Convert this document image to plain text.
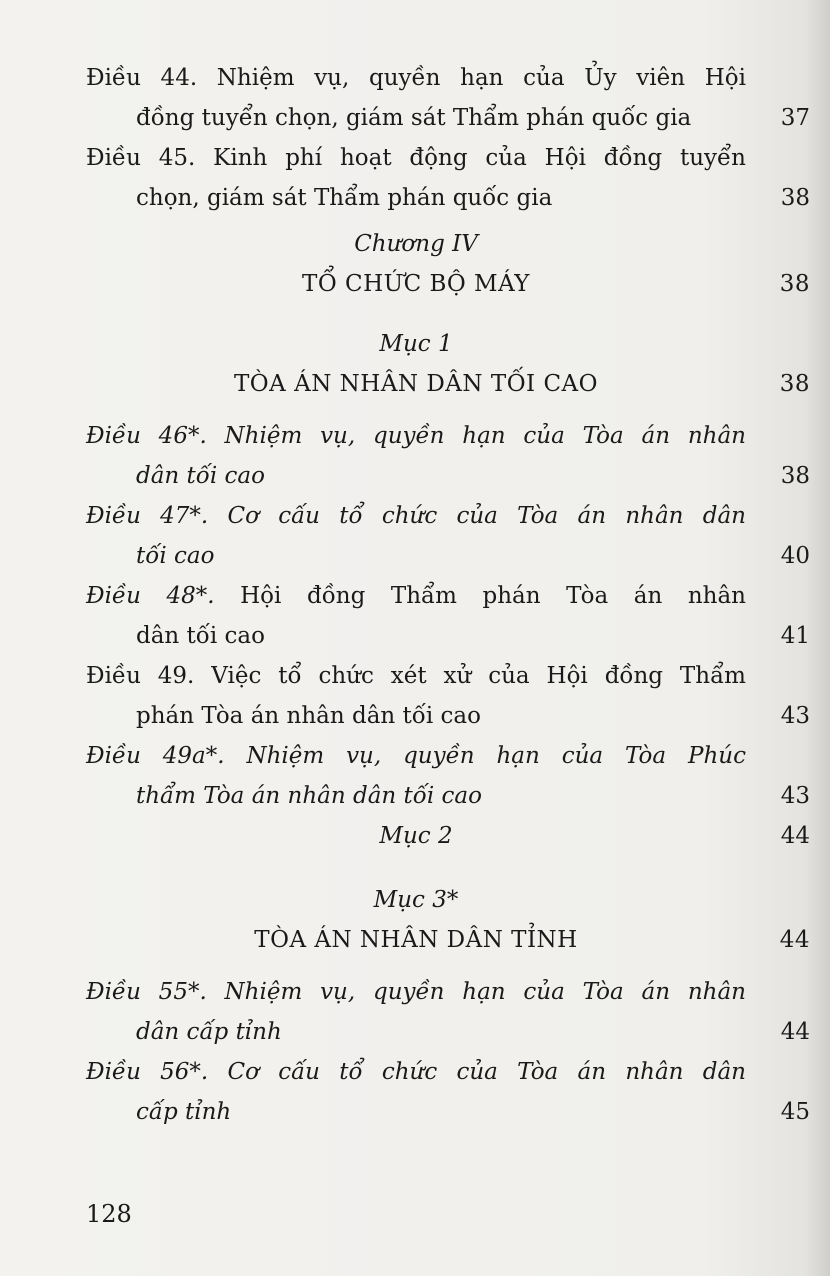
Điều 44. Nhiệm vụ, quyền hạn của Ủy viên Hội
đồng tuyển chọn, giám sát Thẩm phán quốc gia	37
Điều 45. Kinh phí hoạt động của Hội đồng tuyển
chọn, giám sát Thẩm phán quốc gia	38
Chương IV
TỔ CHỨC BỘ MÁY	38
Mục 1
TÒA ÁN NHÂN DÂN TỐI CAO	38
Điều 46*. Nhiệm vụ, quyền hạn của Tòa án nhân
dân tối cao	38
Điều 47*. Cơ cấu tổ chức của Tòa án nhân dân
tối cao	40
Điều 48*. Hội đồng Thẩm phán Tòa án nhân
dân tối cao	41
Điều 49. Việc tổ chức xét xử của Hội đồng Thẩm
phán Tòa án nhân dân tối cao	43
Điều 49a*. Nhiệm vụ, quyền hạn của Tòa Phúc
thẩm Tòa án nhân dân tối cao	43
Mục 2	44
Mục 3*
TÒA ÁN NHÂN DÂN TỈNH	44
Điều 55*. Nhiệm vụ, quyền hạn của Tòa án nhân
dân cấp tỉnh	44
Điều 56*. Cơ cấu tổ chức của Tòa án nhân dân
cấp tỉnh	45
128
